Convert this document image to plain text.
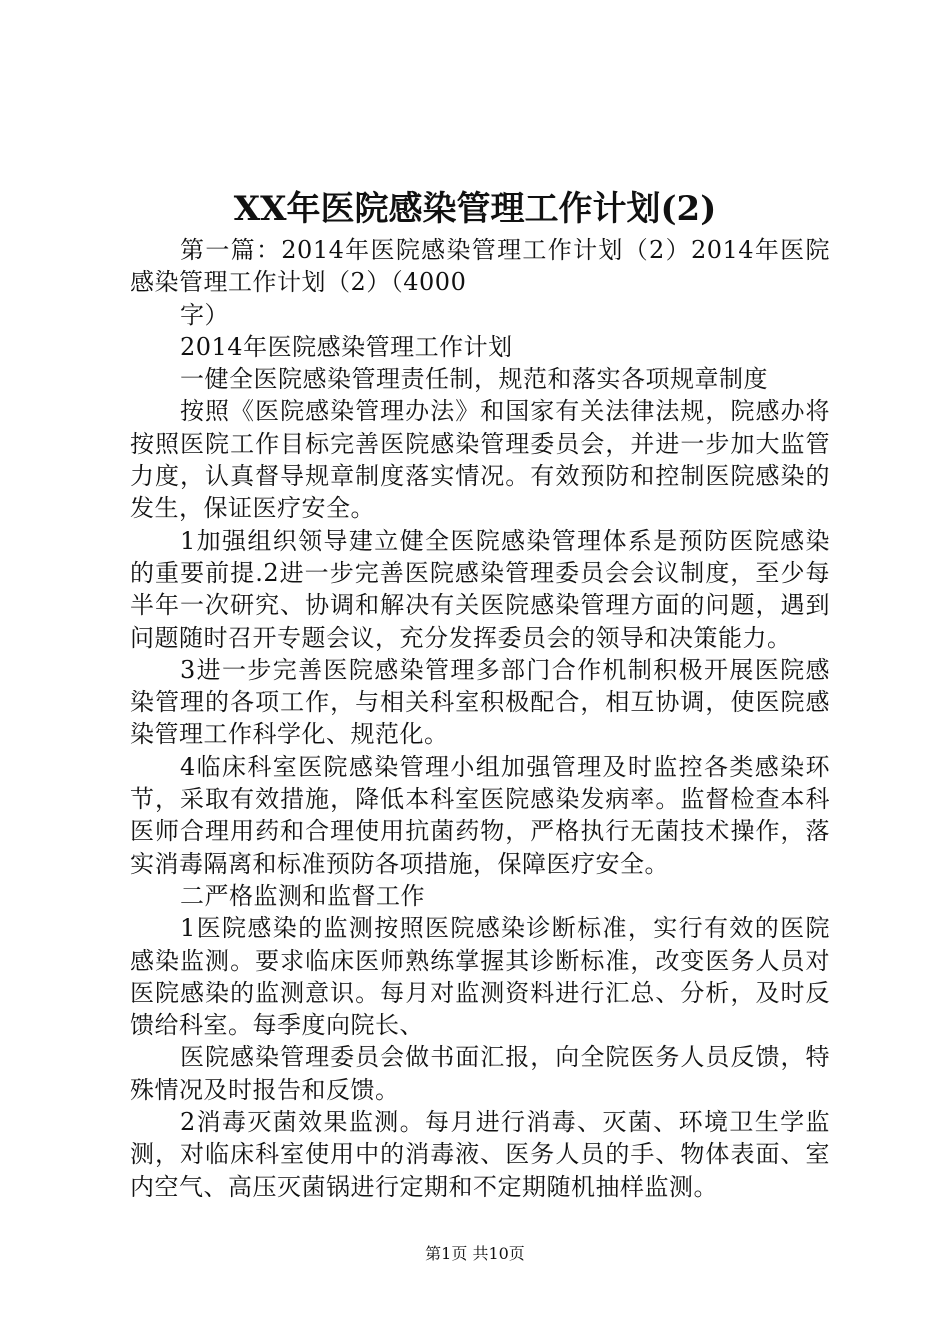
XX年医院感染管理工作计划(2)

第一篇：2014年医院感染管理工作计划（2）2014年医院感染管理工作计划（2）（4000

字）

2014年医院感染管理工作计划

一健全医院感染管理责任制，规范和落实各项规章制度

按照《医院感染管理办法》和国家有关法律法规，院感办将按照医院工作目标完善医院感染管理委员会，并进一步加大监管力度，认真督导规章制度落实情况。有效预防和控制医院感染的发生，保证医疗安全。

1加强组织领导建立健全医院感染管理体系是预防医院感染的重要前提.2进一步完善医院感染管理委员会会议制度，至少每半年一次研究、协调和解决有关医院感染管理方面的问题，遇到问题随时召开专题会议，充分发挥委员会的领导和决策能力。

3进一步完善医院感染管理多部门合作机制积极开展医院感染管理的各项工作，与相关科室积极配合，相互协调，使医院感染管理工作科学化、规范化。

4临床科室医院感染管理小组加强管理及时监控各类感染环节，采取有效措施，降低本科室医院感染发病率。监督检查本科医师合理用药和合理使用抗菌药物，严格执行无菌技术操作，落实消毒隔离和标准预防各项措施，保障医疗安全。

二严格监测和监督工作

1医院感染的监测按照医院感染诊断标准，实行有效的医院感染监测。要求临床医师熟练掌握其诊断标准，改变医务人员对医院感染的监测意识。每月对监测资料进行汇总、分析，及时反馈给科室。每季度向院长、

医院感染管理委员会做书面汇报，向全院医务人员反馈，特殊情况及时报告和反馈。

2消毒灭菌效果监测。每月进行消毒、灭菌、环境卫生学监测，对临床科室使用中的消毒液、医务人员的手、物体表面、室内空气、高压灭菌锅进行定期和不定期随机抽样监测。

第1页 共10页
